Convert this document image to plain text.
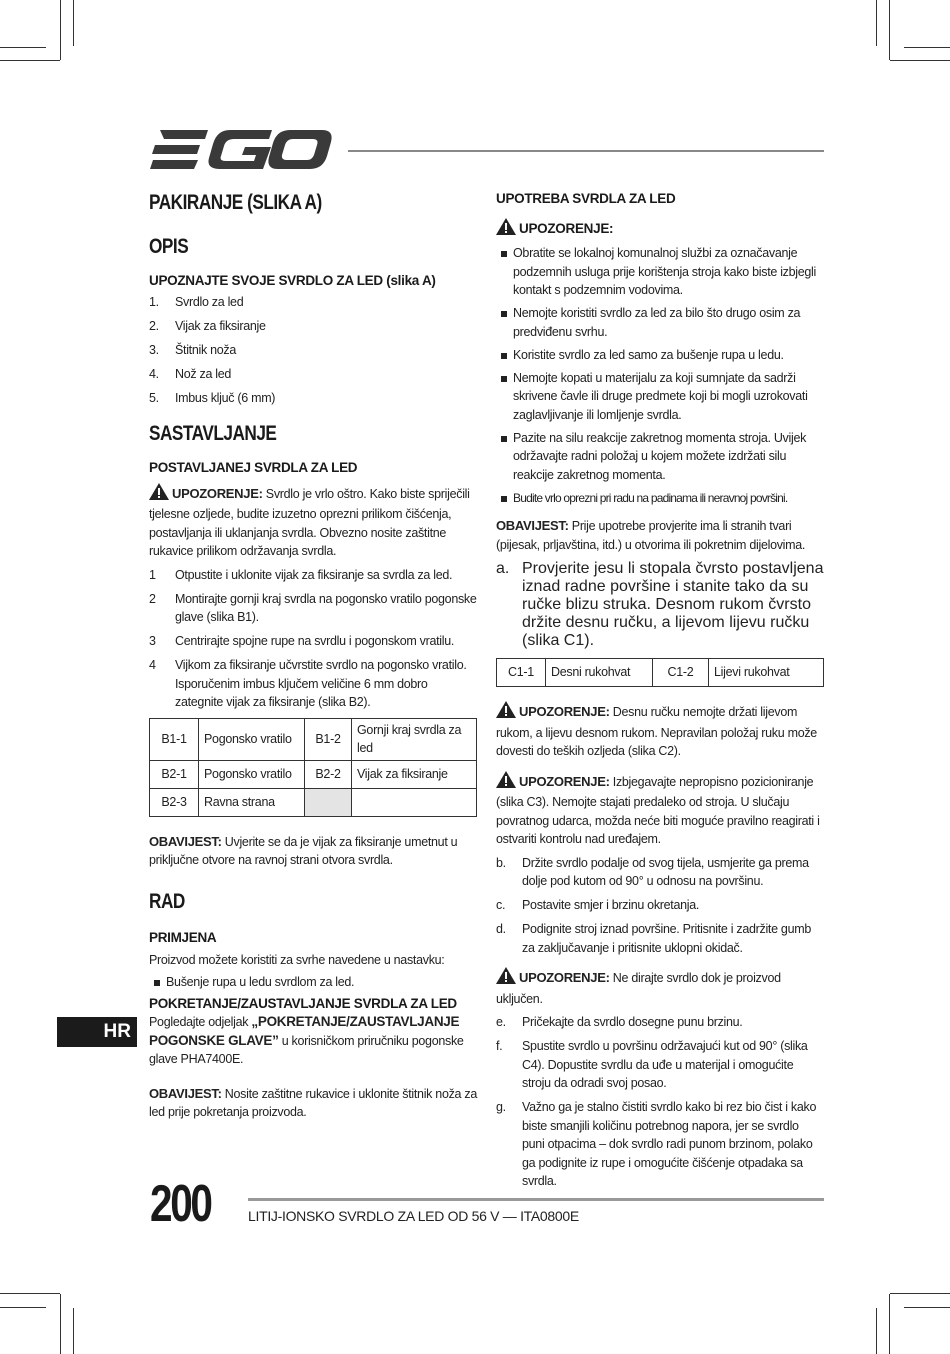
PAKIRANJE (SLIKA A)
OPIS
UPOZNAJTE SVOJE SVRDLO ZA LED (slika A)
1. Svrdlo za led
2. Vijak za fiksiranje
3. Štitnik noža
4. Nož za led
5. Imbus ključ (6 mm)
SASTAVLJANJE
POSTAVLJANEJ SVRDLA ZA LED

UPOZORENJE: Svrdlo je vrlo oštro. Kako biste spriječili tjelesne ozljede, budite izuzetno oprezni prilikom čišćenja, postavljanja ili uklanjanja svrdla. Obvezno nosite zaštitne rukavice prilikom održavanja svrdla.

1 Otpustite i uklonite vijak za fiksiranje sa svrdla za led.
2 Montirajte gornji kraj svrdla na pogonsko vratilo pogonske glave (slika B1).
3 Centrirajte spojne rupe na svrdlu i pogonskom vratilu.
4 Vijkom za fiksiranje učvrstite svrdlo na pogonsko vratilo. Isporučenim imbus ključem veličine 6 mm dobro zategnite vijak za fiksiranje (slika B2).
B1-1	Pogonsko vratilo	B1-2	Gornji kraj svrdla za led
B2-1	Pogonsko vratilo	B2-2	Vijak za fiksiranje
B2-3	Ravna strana		

OBAVIJEST: Uvjerite se da je vijak za fiksiranje umetnut u priključne otvore na ravnoj strani otvora svrdla.

RAD
PRIMJENA

Proizvod možete koristiti za svrhe navedene u nastavku:

Bušenje rupa u ledu svrdlom za led.
POKRETANJE/ZAUSTAVLJANJE SVRDLA ZA LED

Pogledajte odjeljak „POKRETANJE/ZAUSTAVLJANJE POGONSKE GLAVE” u korisničkom priručniku pogonske glave PHA7400E.

OBAVIJEST: Nosite zaštitne rukavice i uklonite štitnik noža za led prije pokretanja proizvoda.

UPOTREBA SVRDLA ZA LED
UPOZORENJE:
Obratite se lokalnoj komunalnoj službi za označavanje podzemnih usluga prije korištenja stroja kako biste izbjegli kontakt s podzemnim vodovima.
Nemojte koristiti svrdlo za led za bilo što drugo osim za predviđenu svrhu.
Koristite svrdlo za led samo za bušenje rupa u ledu.
Nemojte kopati u materijalu za koji sumnjate da sadrži skrivene čavle ili druge predmete koji bi mogli uzrokovati zaglavljivanje ili lomljenje svrdla.
Pazite na silu reakcije zakretnog momenta stroja. Uvijek održavajte radni položaj u kojem možete izdržati silu reakcije zakretnog momenta.
Budite vrlo oprezni pri radu na padinama ili neravnoj površini.

OBAVIJEST: Prije upotrebe provjerite ima li stranih tvari (pijesak, prljavština, itd.) u otvorima ili pokretnim dijelovima.

a. Provjerite jesu li stopala čvrsto postavljena iznad radne površine i stanite tako da su ručke blizu struka. Desnom rukom čvrsto držite desnu ručku, a lijevom lijevu ručku (slika C1).
C1-1	Desni rukohvat	C1-2	Lijevi rukohvat

UPOZORENJE: Desnu ručku nemojte držati lijevom rukom, a lijevu desnom rukom. Nepravilan položaj ruku može dovesti do teških ozljeda (slika C2).

UPOZORENJE: Izbjegavajte nepropisno pozicioniranje (slika C3). Nemojte stajati predaleko od stroja. U slučaju povratnog udarca, možda neće biti moguće pravilno reagirati i ostvariti kontrolu nad uređajem.

b. Držite svrdlo podalje od svog tijela, usmjerite ga prema dolje pod kutom od 90° u odnosu na površinu.
c. Postavite smjer i brzinu okretanja.
d. Podignite stroj iznad površine. Pritisnite i zadržite gumb za zaključavanje i pritisnite uklopni okidač.

UPOZORENJE: Ne dirajte svrdlo dok je proizvod uključen.

e. Pričekajte da svrdlo dosegne punu brzinu.
f. Spustite svrdlo u površinu održavajući kut od 90° (slika C4). Dopustite svrdlu da uđe u materijal i omogućite stroju da odradi svoj posao.
g. Važno ga je stalno čistiti svrdlo kako bi rez bio čist i kako biste smanjili količinu potrebnog napora, jer se svrdlo puni otpacima – dok svrdlo radi punom brzinom, polako ga podignite iz rupe i omogućite čišćenje otpadaka sa svrdla.
HR
200	LITIJ-IONSKO SVRDLO ZA LED OD 56 V — ITA0800E
